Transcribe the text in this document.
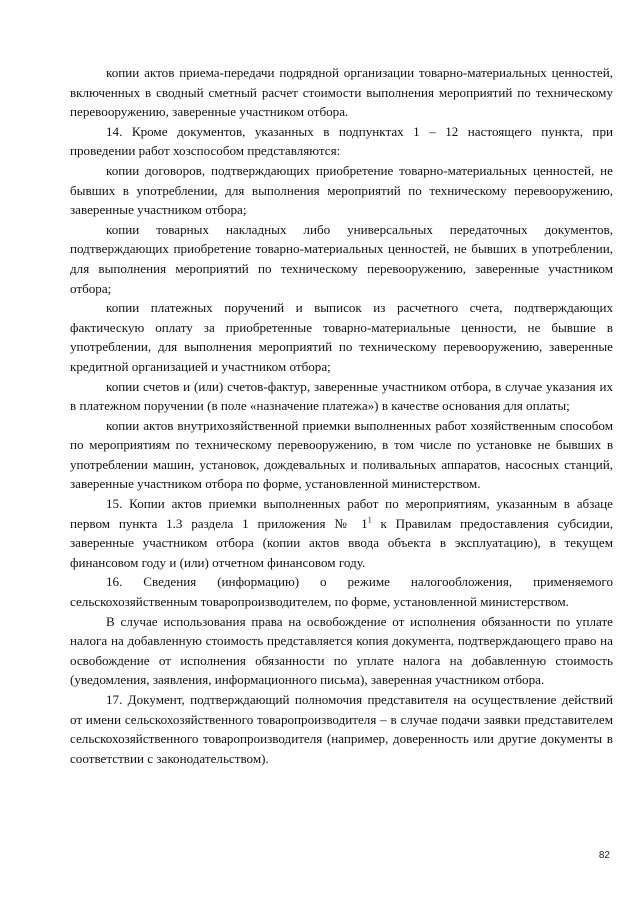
копии актов приема-передачи подрядной организации товарно-материальных ценностей, включенных в сводный сметный расчет стоимости выполнения мероприятий по техническому перевооружению, заверенные участником отбора.

14. Кроме документов, указанных в подпунктах 1 – 12 настоящего пункта, при проведении работ хозспособом представляются:

копии договоров, подтверждающих приобретение товарно-материальных ценностей, не бывших в употреблении, для выполнения мероприятий по техническому перевооружению, заверенные участником отбора;

копии товарных накладных либо универсальных передаточных документов, подтверждающих приобретение товарно-материальных ценностей, не бывших в употреблении, для выполнения мероприятий по техническому перевооружению, заверенные участником отбора;

копии платежных поручений и выписок из расчетного счета, подтверждающих фактическую оплату за приобретенные товарно-материальные ценности, не бывшие в употреблении, для выполнения мероприятий по техническому перевооружению, заверенные кредитной организацией и участником отбора;

копии счетов и (или) счетов-фактур, заверенные участником отбора, в случае указания их в платежном поручении (в поле «назначение платежа») в качестве основания для оплаты;

копии актов внутрихозяйственной приемки выполненных работ хозяйственным способом по мероприятиям по техническому перевооружению, в том числе по установке не бывших в употреблении машин, установок, дождевальных и поливальных аппаратов, насосных станций, заверенные участником отбора по форме, установленной министерством.

15. Копии актов приемки выполненных работ по мероприятиям, указанным в абзаце первом пункта 1.3 раздела 1 приложения № $1^1$ к Правилам предоставления субсидии, заверенные участником отбора (копии актов ввода объекта в эксплуатацию), в текущем финансовом году и (или) отчетном финансовом году.

16. Сведения (информацию) о режиме налогообложения, применяемого сельскохозяйственным товаропроизводителем, по форме, установленной министерством.

В случае использования права на освобождение от исполнения обязанности по уплате налога на добавленную стоимость представляется копия документа, подтверждающего право на освобождение от исполнения обязанности по уплате налога на добавленную стоимость (уведомления, заявления, информационного письма), заверенная участником отбора.

17. Документ, подтверждающий полномочия представителя на осуществление действий от имени сельскохозяйственного товаропроизводителя – в случае подачи заявки представителем сельскохозяйственного товаропроизводителя (например, доверенность или другие документы в соответствии с законодательством).

82
